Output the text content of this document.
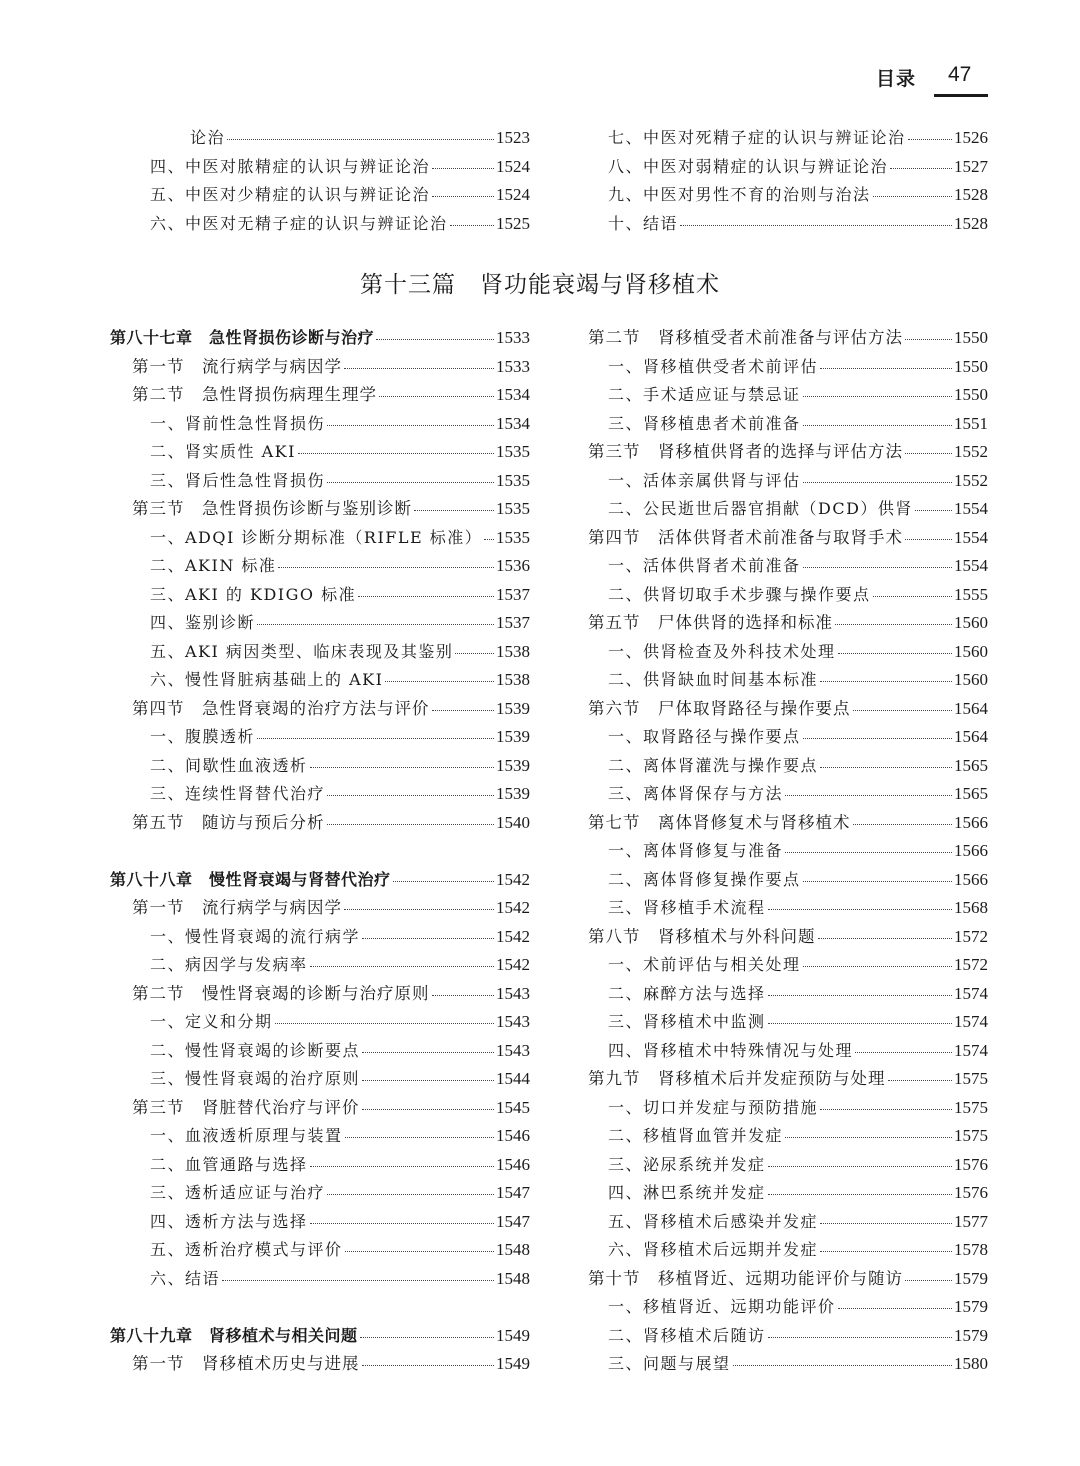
目录 47
论治	1523
四、中医对脓精症的认识与辨证论治	1524
五、中医对少精症的认识与辨证论治	1524
六、中医对无精子症的认识与辨证论治	1525
七、中医对死精子症的认识与辨证论治	1526
八、中医对弱精症的认识与辨证论治	1527
九、中医对男性不育的治则与治法	1528
十、结语	1528
第十三篇　肾功能衰竭与肾移植术
第八十七章　急性肾损伤诊断与治疗	1533
第一节　流行病学与病因学	1533
第二节　急性肾损伤病理生理学	1534
一、肾前性急性肾损伤	1534
二、肾实质性 AKI	1535
三、肾后性急性肾损伤	1535
第三节　急性肾损伤诊断与鉴别诊断	1535
一、ADQI 诊断分期标准（RIFLE 标准） 1535
二、AKIN 标准	1536
三、AKI 的 KDIGO 标准	1537
四、鉴别诊断	1537
五、AKI 病因类型、临床表现及其鉴别	1538
六、慢性肾脏病基础上的 AKI	1538
第四节　急性肾衰竭的治疗方法与评价	1539
一、腹膜透析	1539
二、间歇性血液透析	1539
三、连续性肾替代治疗	1539
第五节　随访与预后分析	1540
第八十八章　慢性肾衰竭与肾替代治疗	1542
第一节　流行病学与病因学	1542
一、慢性肾衰竭的流行病学	1542
二、病因学与发病率	1542
第二节　慢性肾衰竭的诊断与治疗原则	1543
一、定义和分期	1543
二、慢性肾衰竭的诊断要点	1543
三、慢性肾衰竭的治疗原则	1544
第三节　肾脏替代治疗与评价	1545
一、血液透析原理与装置	1546
二、血管通路与选择	1546
三、透析适应证与治疗	1547
四、透析方法与选择	1547
五、透析治疗模式与评价	1548
六、结语	1548
第八十九章　肾移植术与相关问题	1549
第一节　肾移植术历史与进展	1549
第二节　肾移植受者术前准备与评估方法	1550
一、肾移植供受者术前评估	1550
二、手术适应证与禁忌证	1550
三、肾移植患者术前准备	1551
第三节　肾移植供肾者的选择与评估方法	1552
一、活体亲属供肾与评估	1552
二、公民逝世后器官捐献（DCD）供肾 1554
第四节　活体供肾者术前准备与取肾手术	1554
一、活体供肾者术前准备	1554
二、供肾切取手术步骤与操作要点	1555
第五节　尸体供肾的选择和标准	1560
一、供肾检查及外科技术处理	1560
二、供肾缺血时间基本标准	1560
第六节　尸体取肾路径与操作要点	1564
一、取肾路径与操作要点	1564
二、离体肾灌洗与操作要点	1565
三、离体肾保存与方法	1565
第七节　离体肾修复术与肾移植术	1566
一、离体肾修复与准备	1566
二、离体肾修复操作要点	1566
三、肾移植手术流程	1568
第八节　肾移植术与外科问题	1572
一、术前评估与相关处理	1572
二、麻醉方法与选择	1574
三、肾移植术中监测	1574
四、肾移植术中特殊情况与处理	1574
第九节　肾移植术后并发症预防与处理	1575
一、切口并发症与预防措施	1575
二、移植肾血管并发症	1575
三、泌尿系统并发症	1576
四、淋巴系统并发症	1576
五、肾移植术后感染并发症	1577
六、肾移植术后远期并发症	1578
第十节　移植肾近、远期功能评价与随访	1579
一、移植肾近、远期功能评价	1579
二、肾移植术后随访	1579
三、问题与展望	1580
